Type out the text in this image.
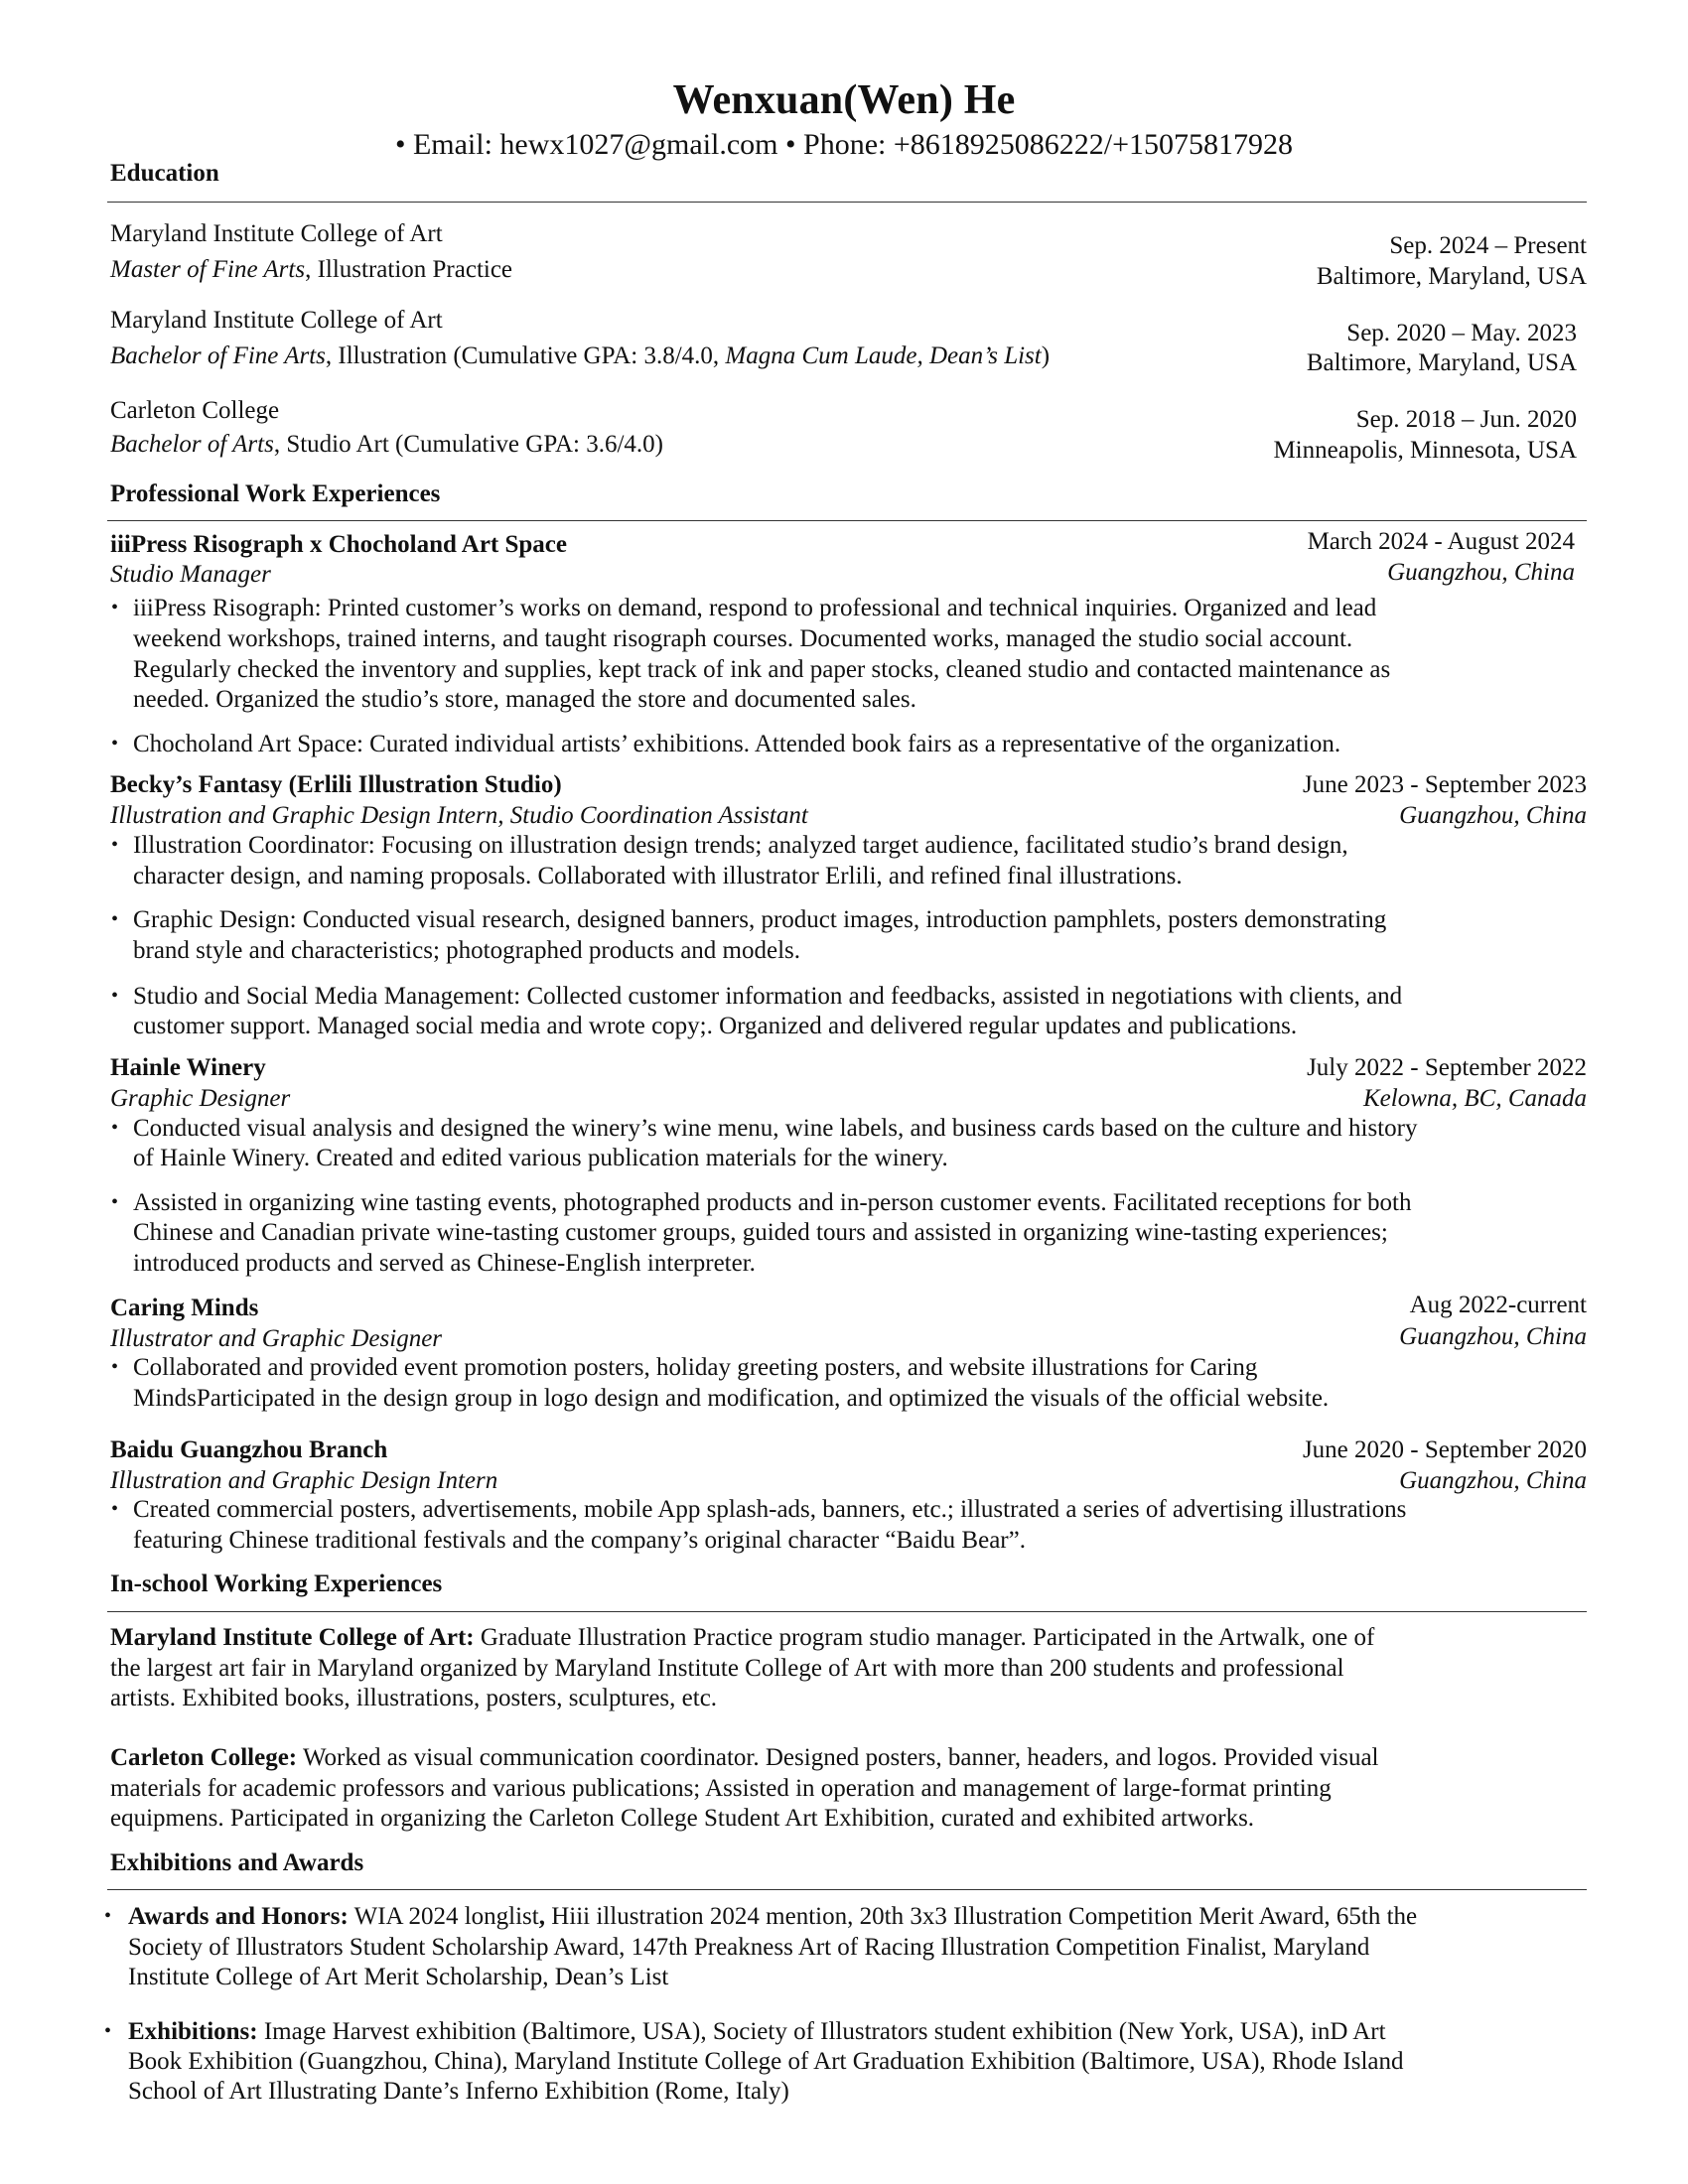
Wenxuan(Wen) He
• Email: hewx1027@gmail.com • Phone: +8618925086222/+15075817928
Education
Maryland Institute College of Art
Master of Fine Arts, Illustration Practice
Sep. 2024 – Present
Baltimore, Maryland, USA
Maryland Institute College of Art
Bachelor of Fine Arts, Illustration (Cumulative GPA: 3.8/4.0, Magna Cum Laude, Dean’s List)
Sep. 2020 – May. 2023
Baltimore, Maryland, USA
Carleton College
Bachelor of Arts, Studio Art (Cumulative GPA: 3.6/4.0)
Sep. 2018 – Jun. 2020
Minneapolis, Minnesota, USA
Professional Work Experiences
iiiPress Risograph x Chocholand Art Space
Studio Manager
March 2024 - August 2024
Guangzhou, China
• iiiPress Risograph: Printed customer’s works on demand, respond to professional and technical inquiries. Organized and lead
weekend workshops, trained interns, and taught risograph courses. Documented works, managed the studio social account.
Regularly checked the inventory and supplies, kept track of ink and paper stocks, cleaned studio and contacted maintenance as
needed. Organized the studio’s store, managed the store and documented sales.
• Chocholand Art Space: Curated individual artists’ exhibitions. Attended book fairs as a representative of the organization.
Becky’s Fantasy (Erlili Illustration Studio)
Illustration and Graphic Design Intern, Studio Coordination Assistant
June 2023 - September 2023
Guangzhou, China
• Illustration Coordinator: Focusing on illustration design trends; analyzed target audience, facilitated studio’s brand design,
character design, and naming proposals. Collaborated with illustrator Erlili, and refined final illustrations.
• Graphic Design: Conducted visual research, designed banners, product images, introduction pamphlets, posters demonstrating
brand style and characteristics; photographed products and models.
• Studio and Social Media Management: Collected customer information and feedbacks, assisted in negotiations with clients, and
customer support. Managed social media and wrote copy;. Organized and delivered regular updates and publications.
Hainle Winery
Graphic Designer
July 2022 - September 2022
Kelowna, BC, Canada
• Conducted visual analysis and designed the winery’s wine menu, wine labels, and business cards based on the culture and history
of Hainle Winery. Created and edited various publication materials for the winery.
• Assisted in organizing wine tasting events, photographed products and in-person customer events. Facilitated receptions for both
Chinese and Canadian private wine-tasting customer groups, guided tours and assisted in organizing wine-tasting experiences;
introduced products and served as Chinese-English interpreter.
Caring Minds
Illustrator and Graphic Designer
Aug 2022-current
Guangzhou, China
• Collaborated and provided event promotion posters, holiday greeting posters, and website illustrations for Caring
MindsParticipated in the design group in logo design and modification, and optimized the visuals of the official website.
Baidu Guangzhou Branch
Illustration and Graphic Design Intern
June 2020 - September 2020
Guangzhou, China
• Created commercial posters, advertisements, mobile App splash-ads, banners, etc.; illustrated a series of advertising illustrations
featuring Chinese traditional festivals and the company’s original character “Baidu Bear”.
In-school Working Experiences
Maryland Institute College of Art: Graduate Illustration Practice program studio manager. Participated in the Artwalk, one of
the largest art fair in Maryland organized by Maryland Institute College of Art with more than 200 students and professional
artists. Exhibited books, illustrations, posters, sculptures, etc.
Carleton College: Worked as visual communication coordinator. Designed posters, banner, headers, and logos. Provided visual
materials for academic professors and various publications; Assisted in operation and management of large-format printing
equipmens. Participated in organizing the Carleton College Student Art Exhibition, curated and exhibited artworks.
Exhibitions and Awards
• Awards and Honors: WIA 2024 longlist, Hiii illustration 2024 mention, 20th 3x3 Illustration Competition Merit Award, 65th the
Society of Illustrators Student Scholarship Award, 147th Preakness Art of Racing Illustration Competition Finalist, Maryland
Institute College of Art Merit Scholarship, Dean’s List
• Exhibitions: Image Harvest exhibition (Baltimore, USA), Society of Illustrators student exhibition (New York, USA), inD Art
Book Exhibition (Guangzhou, China), Maryland Institute College of Art Graduation Exhibition (Baltimore, USA), Rhode Island
School of Art Illustrating Dante’s Inferno Exhibition (Rome, Italy)
